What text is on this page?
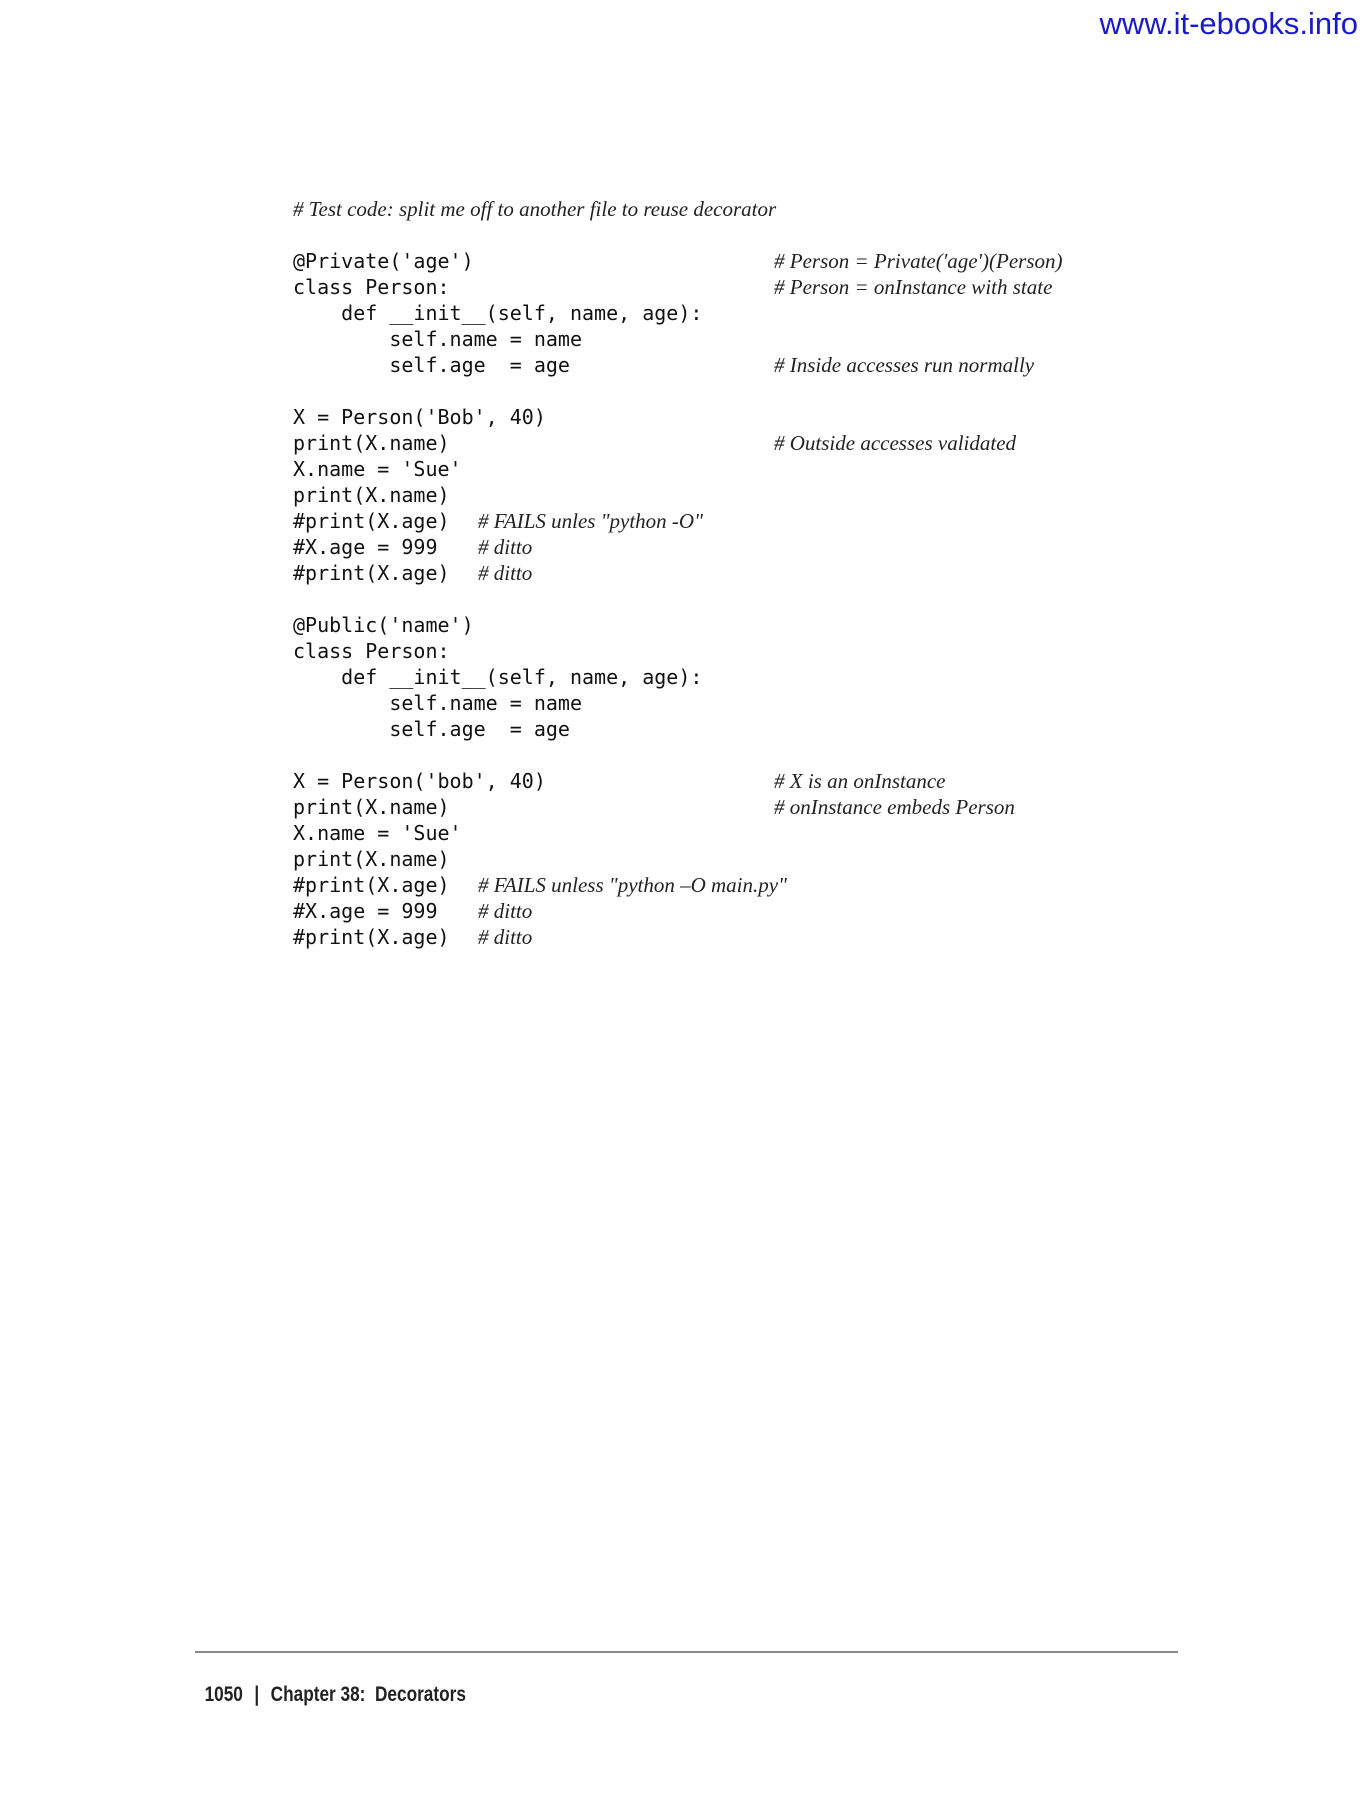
www.it-ebooks.info
# Test code: split me off to another file to reuse decorator
@Private('age')	# Person = Private('age')(Person)
class Person:	# Person = onInstance with state
def __init__(self, name, age):
self.name = name
self.age  = age	# Inside accesses run normally
X = Person('Bob', 40)
print(X.name)	# Outside accesses validated
X.name = 'Sue'
print(X.name)
#print(X.age) # FAILS unles "python -O"
#X.age = 999 # ditto
#print(X.age) # ditto
@Public('name')
class Person:
def __init__(self, name, age):
self.name = name
self.age  = age
X = Person('bob', 40)	# X is an onInstance
print(X.name)	# onInstance embeds Person
X.name = 'Sue'
print(X.name)
#print(X.age) # FAILS unless "python –O main.py"
#X.age = 999 # ditto
#print(X.age) # ditto

1050 | Chapter 38: Decorators
